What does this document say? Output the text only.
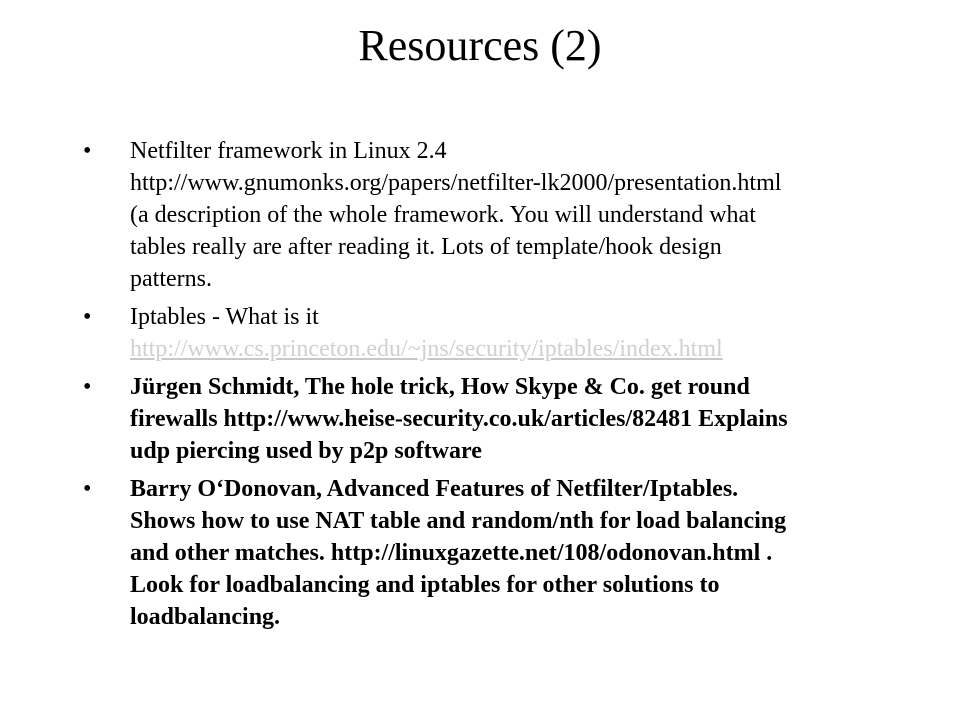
Resources (2)
• Netfilter framework in Linux 2.4
http://www.gnumonks.org/papers/netfilter-lk2000/presentation.html
(a description of the whole framework. You will understand what
tables really are after reading it. Lots of template/hook design
patterns.
• Iptables - What is it
http://www.cs.princeton.edu/~jns/security/iptables/index.html
• Jürgen Schmidt, The hole trick, How Skype & Co. get round
firewalls http://www.heise-security.co.uk/articles/82481 Explains
udp piercing used by p2p software
• Barry O‘Donovan, Advanced Features of Netfilter/Iptables.
Shows how to use NAT table and random/nth for load balancing
and other matches. http://linuxgazette.net/108/odonovan.html .
Look for loadbalancing and iptables for other solutions to
loadbalancing.
